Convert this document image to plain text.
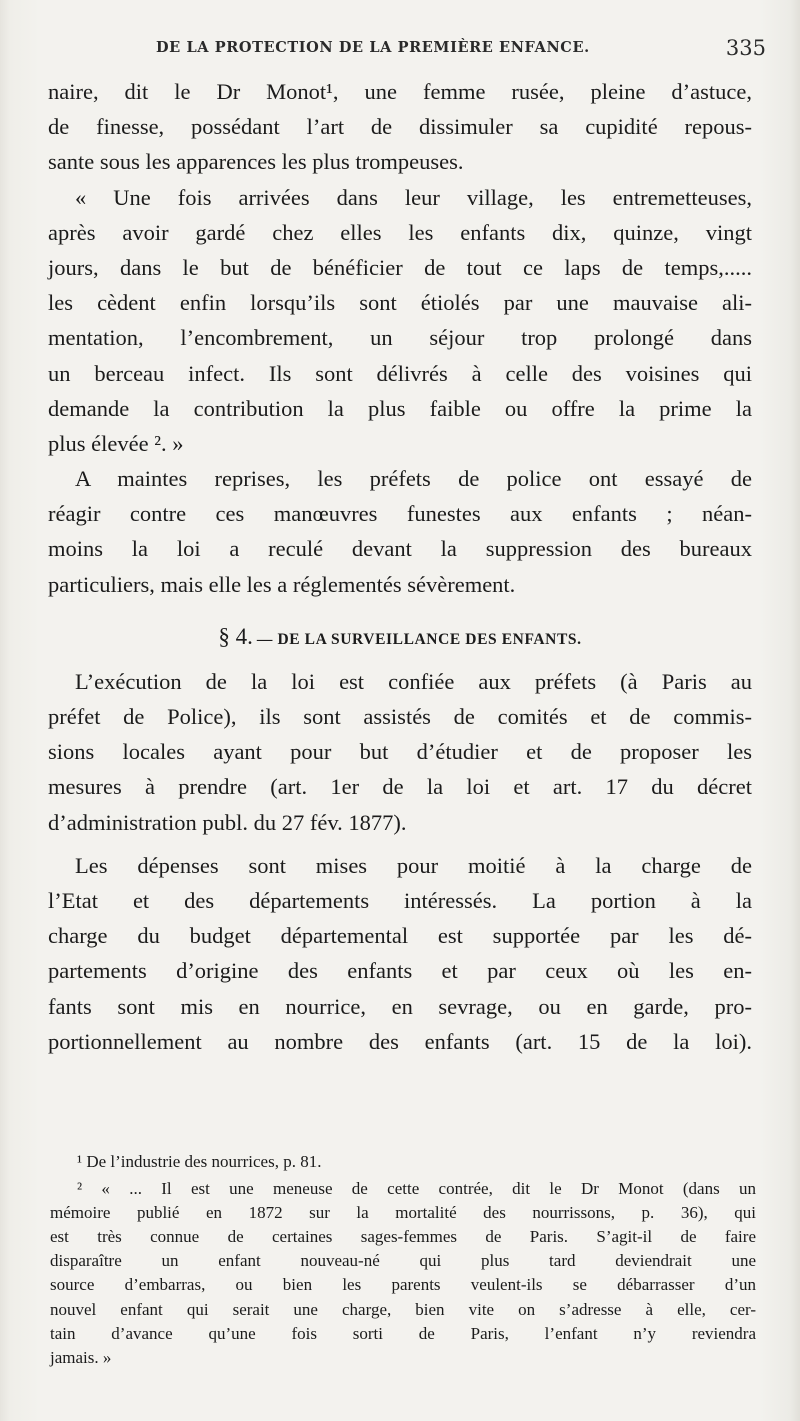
DE LA PROTECTION DE LA PREMIÈRE ENFANCE.	335
naire, dit le Dr Monot¹, une femme rusée, pleine d’astuce,
de finesse, possédant l’art de dissimuler sa cupidité repous-
sante sous les apparences les plus trompeuses.
« Une fois arrivées dans leur village, les entremetteuses,
après avoir gardé chez elles les enfants dix, quinze, vingt
jours, dans le but de bénéficier de tout ce laps de temps,.....
les cèdent enfin lorsqu’ils sont étiolés par une mauvaise ali-
mentation, l’encombrement, un séjour trop prolongé dans
un berceau infect. Ils sont délivrés à celle des voisines qui
demande la contribution la plus faible ou offre la prime la
plus élevée ². »
A maintes reprises, les préfets de police ont essayé de
réagir contre ces manœuvres funestes aux enfants ; néan-
moins la loi a reculé devant la suppression des bureaux
particuliers, mais elle les a réglementés sévèrement.
§ 4. — DE LA SURVEILLANCE DES ENFANTS.
L’exécution de la loi est confiée aux préfets (à Paris au
préfet de Police), ils sont assistés de comités et de commis-
sions locales ayant pour but d’étudier et de proposer les
mesures à prendre (art. 1er de la loi et art. 17 du décret
d’administration publ. du 27 fév. 1877).
Les dépenses sont mises pour moitié à la charge de
l’Etat et des départements intéressés. La portion à la
charge du budget départemental est supportée par les dé-
partements d’origine des enfants et par ceux où les en-
fants sont mis en nourrice, en sevrage, ou en garde, pro-
portionnellement au nombre des enfants (art. 15 de la loi).
¹ De l’industrie des nourrices, p. 81.
² « ... Il est une meneuse de cette contrée, dit le Dr Monot (dans un
mémoire publié en 1872 sur la mortalité des nourrissons, p. 36), qui
est très connue de certaines sages-femmes de Paris. S’agit-il de faire
disparaître un enfant nouveau-né qui plus tard deviendrait une
source d’embarras, ou bien les parents veulent-ils se débarrasser d’un
nouvel enfant qui serait une charge, bien vite on s’adresse à elle, cer-
tain d’avance qu’une fois sorti de Paris, l’enfant n’y reviendra
jamais. »
